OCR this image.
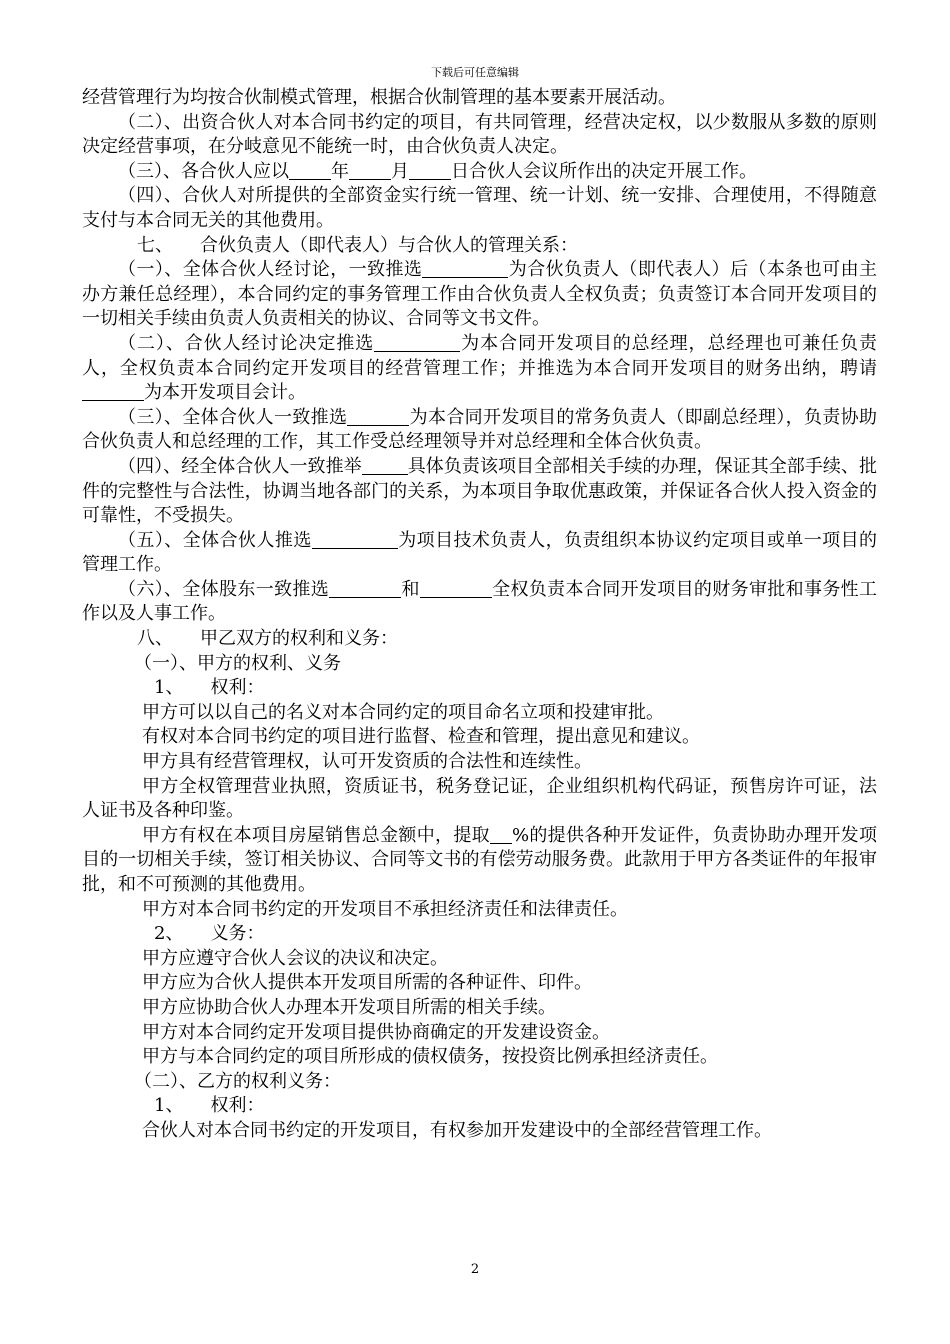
下载后可任意编辑

经营管理行为均按合伙制模式管理，根据合伙制管理的基本要素开展活动。

（二）、出资合伙人对本合同书约定的项目，有共同管理，经营决定权，以少数服从多数的原则决定经营事项，在分岐意见不能统一时，由合伙负责人决定。

（三）、各合伙人应以 年 月 日合伙人会议所作出的决定开展工作。

（四）、合伙人对所提供的全部资金实行统一管理、统一计划、统一安排、合理使用，不得随意支付与本合同无关的其他费用。

七、　　合伙负责人（即代表人）与合伙人的管理关系：

（一）、全体合伙人经讨论，一致推选	为合伙负责人（即代表人）后（本条也可由主办方兼任总经理），本合同约定的事务管理工作由合伙负责人全权负责；负责签订本合同开发项目的一切相关手续由负责人负责相关的协议、合同等文书文件。

（二）、合伙人经讨论决定推选	为本合同开发项目的总经理，总经理也可兼任负责人，全权负责本合同约定开发项目的经营管理工作；并推选为本合同开发项目的财务出纳，聘请为本开发项目会计。

（三）、全体合伙人一致推选	为本合同开发项目的常务负责人（即副总经理），负责协助合伙负责人和总经理的工作，其工作受总经理领导并对总经理和全体合伙负责。

（四）、经全体合伙人一致推举	具体负责该项目全部相关手续的办理，保证其全部手续、批件的完整性与合法性，协调当地各部门的关系，为本项目争取优惠政策，并保证各合伙人投入资金的可靠性，不受损失。

（五）、全体合伙人推选	为项目技术负责人，负责组织本协议约定项目或单一项目的管理工作。

（六）、全体股东一致推选	和	全权负责本合同开发项目的财务审批和事务性工作以及人事工作。

八、　　甲乙双方的权利和义务：

（一）、甲方的权利、义务

1、　　权利：

甲方可以以自己的名义对本合同约定的项目命名立项和投建审批。

有权对本合同书约定的项目进行监督、检查和管理，提出意见和建议。

甲方具有经营管理权，认可开发资质的合法性和连续性。

甲方全权管理营业执照，资质证书，税务登记证，企业组织机构代码证，预售房许可证，法人证书及各种印鉴。

甲方有权在本项目房屋销售总金额中，提取 %的提供各种开发证件，负责协助办理开发项目的一切相关手续，签订相关协议、合同等文书的有偿劳动服务费。此款用于甲方各类证件的年报审批，和不可预测的其他费用。

甲方对本合同书约定的开发项目不承担经济责任和法律责任。

2、　　义务：

甲方应遵守合伙人会议的决议和决定。

甲方应为合伙人提供本开发项目所需的各种证件、印件。

甲方应协助合伙人办理本开发项目所需的相关手续。

甲方对本合同约定开发项目提供协商确定的开发建设资金。

甲方与本合同约定的项目所形成的债权债务，按投资比例承担经济责任。

（二）、乙方的权利义务：

1、　　权利：

合伙人对本合同书约定的开发项目，有权参加开发建设中的全部经营管理工作。

2
